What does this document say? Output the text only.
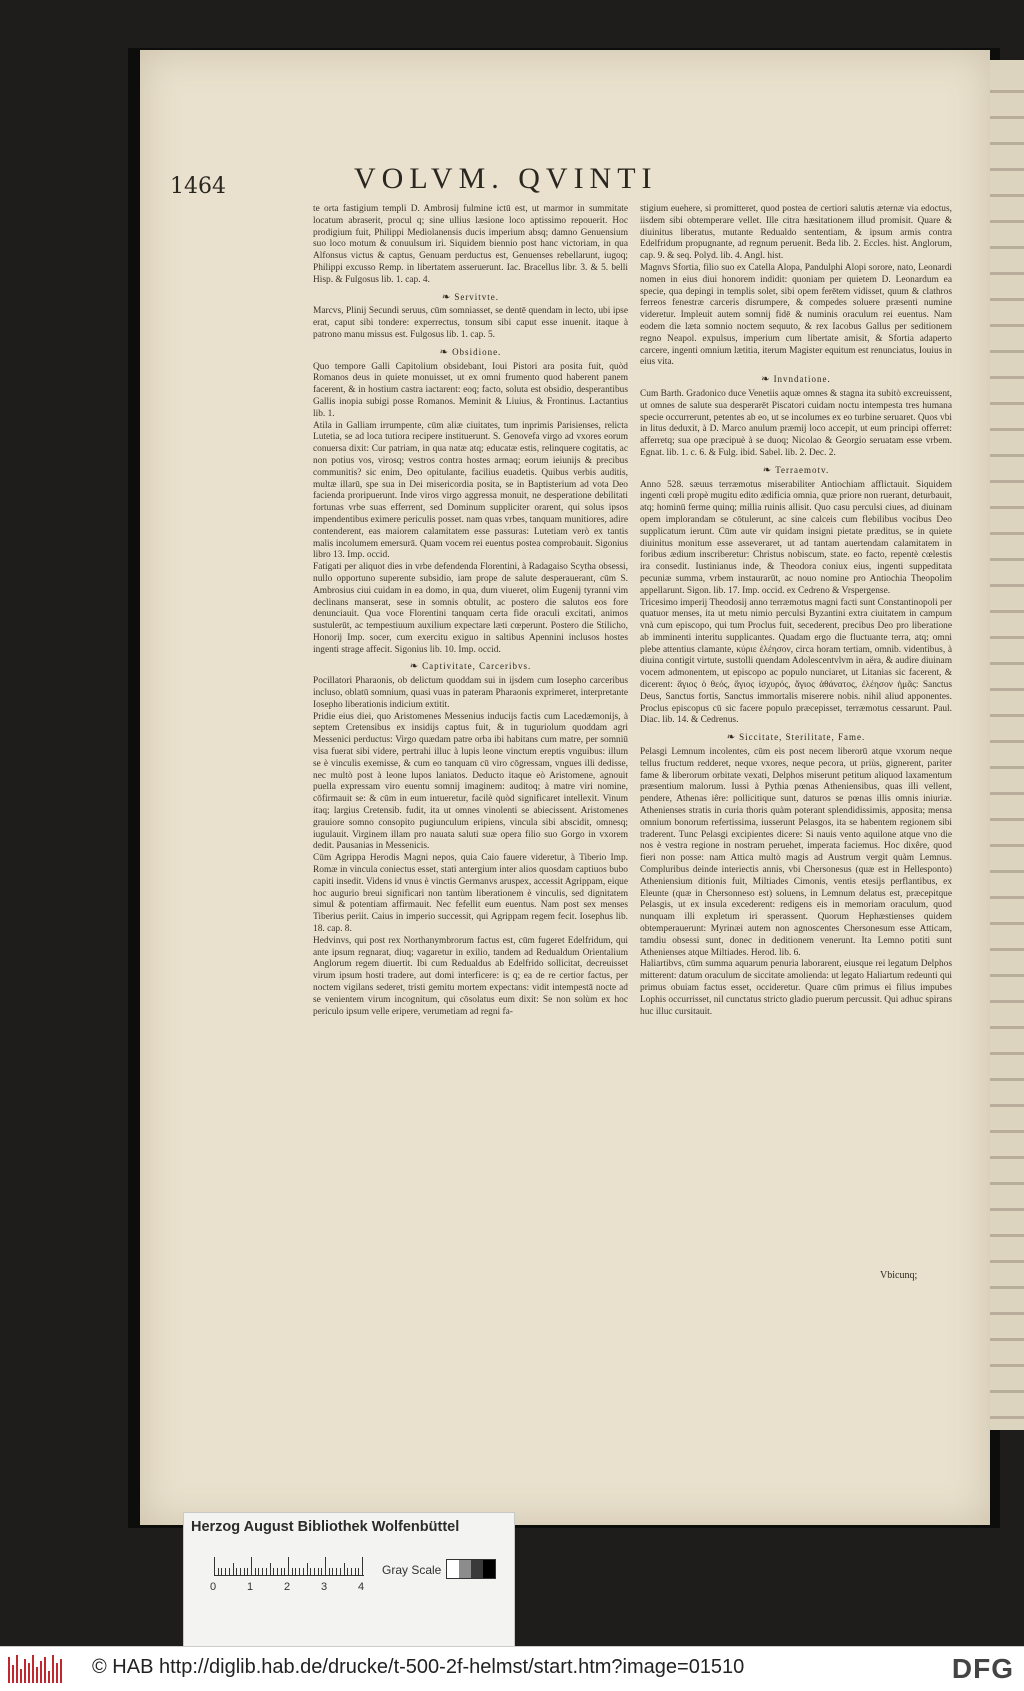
1464	VOLVM. QVINTI

te orta fastigium templi D. Ambrosij fulmine ictū est, ut marmor in summitate locatum abraserit, procul q; sine ullius læsione loco aptissimo repouerit. Hoc prodigium fuit, Philippi Mediolanensis ducis imperium absq; damno Genuensium suo loco motum & conuulsum iri. Siquidem biennio post hanc victoriam, in qua Alfonsus victus & captus, Genuam perductus est, Genuenses rebellarunt, iugoq; Philippi excusso Remp. in libertatem asseruerunt. Iac. Bracellus libr. 3. & 5. belli Hisp. & Fulgosus lib. 1. cap. 4.

❧ Servitvte.

Marcvs, Plinij Secundi seruus, cūm somniasset, se dentē quendam in lecto, ubi ipse erat, caput sibi tondere: experrectus, tonsum sibi caput esse inuenit. itaque à patrono manu missus est. Fulgosus lib. 1. cap. 5.

❧ Obsidione.

Quo tempore Galli Capitolium obsidebant, Ioui Pistori ara posita fuit, quòd Romanos deus in quiete monuisset, ut ex omni frumento quod haberent panem facerent, & in hostium castra iactarent: eoq; facto, soluta est obsidio, desperantibus Gallis inopia subigi posse Romanos. Meminit & Liuius, & Frontinus. Lactantius lib. 1.

Atila in Galliam irrumpente, cūm aliæ ciuitates, tum inprimis Parisienses, relicta Lutetia, se ad loca tutiora recipere instituerunt. S. Genovefa virgo ad vxores eorum conuersa dixit: Cur patriam, in qua natæ atq; educatæ estis, relinquere cogitatis, ac non potius vos, virosq; vestros contra hostes armaq; eorum ieiunijs & precibus communitis? sic enim, Deo opitulante, facilius euadetis. Quibus verbis auditis, multæ illarū, spe sua in Dei misericordia posita, se in Baptisterium ad vota Deo facienda proripuerunt. Inde viros virgo aggressa monuit, ne desperatione debilitati fortunas vrbe suas efferrent, sed Dominum suppliciter orarent, qui solus ipsos impendentibus eximere periculis posset. nam quas vrbes, tanquam munitiores, adire contenderent, eas maiorem calamitatem esse passuras: Lutetiam verò ex tantis malis incolumem emersurā. Quam vocem rei euentus postea comprobauit. Sigonius libro 13. Imp. occid.

Fatigati per aliquot dies in vrbe defendenda Florentini, à Radagaiso Scytha obsessi, nullo opportuno superente subsidio, iam prope de salute desperauerant, cūm S. Ambrosius ciui cuidam in ea domo, in qua, dum viueret, olim Eugenij tyranni vim declinans manserat, sese in somnis obtulit, ac postero die salutos eos fore denunciauit. Qua voce Florentini tanquam certa fide oraculi excitati, animos sustulerūt, ac tempestiuum auxilium expectare læti cœperunt. Postero die Stilicho, Honorij Imp. socer, cum exercitu exiguo in saltibus Apennini inclusos hostes ingenti strage affecit. Sigonius lib. 10. Imp. occid.

❧ Captivitate, Carceribvs.

Pocillatori Pharaonis, ob delictum quoddam sui in ijsdem cum Iosepho carceribus incluso, oblatū somnium, quasi vuas in pateram Pharaonis exprimeret, interpretante Iosepho liberationis indicium extitit.

Pridie eius diei, quo Aristomenes Messenius inducijs factis cum Lacedæmonijs, à septem Cretensibus ex insidijs captus fuit, & in tuguriolum quoddam agri Messenici perductus: Virgo quædam patre orba ibi habitans cum matre, per somniū visa fuerat sibi videre, pertrahi illuc à lupis leone vinctum ereptis vnguibus: illum se è vinculis exemisse, & cum eo tanquam cū viro cōgressam, vngues illi dedisse, nec multò post à leone lupos laniatos. Deducto itaque eò Aristomene, agnouit puella expressam viro euentu somnij imaginem: auditoq; à matre viri nomine, cōfirmauit se: & cūm in eum intueretur, facilè quòd significaret intellexit. Vinum itaq; largius Cretensib. fudit, ita ut omnes vinolenti se abiecissent. Aristomenes grauiore somno consopito pugiunculum eripiens, vincula sibi abscidit, omnesq; iugulauit. Virginem illam pro nauata saluti suæ opera filio suo Gorgo in vxorem dedit. Pausanias in Messenicis.

Cūm Agrippa Herodis Magni nepos, quia Caio fauere videretur, à Tiberio Imp. Romæ in vincula coniectus esset, stati antergium inter alios quosdam captiuos bubo capiti insedit. Videns id vnus è vinctis Germanvs aruspex, accessit Agrippam, eique hoc augurio breui significari non tantùm liberationem è vinculis, sed dignitatem simul & potentiam affirmauit. Nec fefellit eum euentus. Nam post sex menses Tiberius periit. Caius in imperio successit, qui Agrippam regem fecit. Iosephus lib. 18. cap. 8.

Hedvinvs, qui post rex Northanymbrorum factus est, cūm fugeret Edelfridum, qui ante ipsum regnarat, diuq; vagaretur in exilio, tandem ad Redualdum Orientalium Anglorum regem diuertit. Ibi cum Redualdus ab Edelfrido sollicitat, decreuisset virum ipsum hosti tradere, aut domi interficere: is q; ea de re certior factus, per noctem vigilans sederet, tristi gemitu mortem expectans: vidit intempestā nocte ad se venientem virum incognitum, qui cōsolatus eum dixit: Se non solùm ex hoc periculo ipsum velle eripere, verumetiam ad regni fa-

stigium euehere, si promitteret, quod postea de certiori salutis æternæ via edoctus, iisdem sibi obtemperare vellet. Ille citra hæsitationem illud promisit. Quare & diuinitus liberatus, mutante Redualdo sententiam, & ipsum armis contra Edelfridum propugnante, ad regnum peruenit. Beda lib. 2. Eccles. hist. Anglorum, cap. 9. & seq. Polyd. lib. 4. Angl. hist.

Magnvs Sfortia, filio suo ex Catella Alopa, Pandulphi Alopi sorore, nato, Leonardi nomen in eius diui honorem indidit: quoniam per quietem D. Leonardum ea specie, qua depingi in templis solet, sibi opem ferētem vidisset, quum & clathros ferreos fenestræ carceris disrumpere, & compedes soluere præsenti numine videretur. Impleuit autem somnij fidē & numinis oraculum rei euentus. Nam eodem die læta somnio noctem sequuto, & rex Iacobus Gallus per seditionem regno Neapol. expulsus, imperium cum libertate amisit, & Sfortia adaperto carcere, ingenti omnium lætitia, iterum Magister equitum est renunciatus, Iouius in eius vita.

❧ Invndatione.

Cum Barth. Gradonico duce Venetiis aquæ omnes & stagna ita subitò excreuissent, ut omnes de salute sua desperarēt Piscatori cuidam noctu intempesta tres humana specie occurrerunt, petentes ab eo, ut se incolumes ex eo turbine seruaret. Quos vbi in litus deduxit, à D. Marco anulum præmij loco accepit, ut eum principi offerret: afferretq; sua ope præcipuè à se duoq; Nicolao & Georgio seruatam esse vrbem. Egnat. lib. 1. c. 6. & Fulg. ibid. Sabel. lib. 2. Dec. 2.

❧ Terraemotv.

Anno 528. sæuus terræmotus miserabiliter Antiochiam afflictauit. Siquidem ingenti cœli propè mugitu edito ædificia omnia, quæ priore non ruerant, deturbauit, atq; hominū ferme quinq; millia ruinis allisit. Quo casu perculsi ciues, ad diuinam opem implorandam se cōtulerunt, ac sine calceis cum flebilibus vocibus Deo supplicatum ierunt. Cūm aute vir quidam insigni pietate præditus, se in quiete diuinitus monitum esse asseveraret, ut ad tantam auertendam calamitatem in foribus ædium inscriberetur: Christus nobiscum, state. eo facto, repentè cœlestis ira consedit. Iustinianus inde, & Theodora coniux eius, ingenti suppeditata pecuniæ summa, vrbem instaurarūt, ac nouo nomine pro Antiochia Theopolim appellarunt. Sigon. lib. 17. Imp. occid. ex Cedreno & Vrspergense.

Tricesimo imperij Theodosij anno terræmotus magni facti sunt Constantinopoli per quatuor menses, ita ut metu nimio perculsi Byzantini extra ciuitatem in campum vnà cum episcopo, qui tum Proclus fuit, secederent, precibus Deo pro liberatione ab imminenti interitu supplicantes. Quadam ergo die fluctuante terra, atq; omni plebe attentius clamante, κύριε ἐλέησον, circa horam tertiam, omnib. videntibus, à diuina contigit virtute, sustolli quendam Adolescentvlvm in aëra, & audire diuinam vocem admonentem, ut episcopo ac populo nunciaret, ut Litanias sic facerent, & dicerent: ἅγιος ὁ θεός, ἅγιος ἰσχυρός, ἅγιος ἀθάνατος, ἐλέησον ἡμᾶς: Sanctus Deus, Sanctus fortis, Sanctus immortalis miserere nobis. nihil aliud apponentes. Proclus episcopus cū sic facere populo præcepisset, terræmotus cessarunt. Paul. Diac. lib. 14. & Cedrenus.

❧ Siccitate, Sterilitate, Fame.

Pelasgi Lemnum incolentes, cūm eis post necem liberorū atque vxorum neque tellus fructum redderet, neque vxores, neque pecora, ut priùs, gignerent, pariter fame & liberorum orbitate vexati, Delphos miserunt petitum aliquod laxamentum præsentium malorum. Iussi à Pythia pœnas Atheniensibus, quas illi vellent, pendere, Athenas iêre: pollicitique sunt, daturos se pœnas illis omnis iniuriæ. Athenienses stratis in curia thoris quàm poterant splendidissimis, apposita; mensa omnium bonorum refertissima, iusserunt Pelasgos, ita se habentem regionem sibi traderent. Tunc Pelasgi excipientes dicere: Si nauis vento aquilone atque vno die nos è vestra regione in nostram peruehet, imperata faciemus. Hoc dixêre, quod fieri non posse: nam Attica multò magis ad Austrum vergit quàm Lemnus. Compluribus deinde interiectis annis, vbi Chersonesus (quæ est in Hellesponto) Atheniensium ditionis fuit, Miltiades Cimonis, ventis etesijs perflantibus, ex Eleunte (quæ in Chersonneso est) soluens, in Lemnum delatus est, præcepitque Pelasgis, ut ex insula excederent: redigens eis in memoriam oraculum, quod nunquam illi expletum iri sperassent. Quorum Hephæstienses quidem obtemperauerunt: Myrinæi autem non agnoscentes Chersonesum esse Atticam, tamdiu obsessi sunt, donec in deditionem venerunt. Ita Lemno potiti sunt Athenienses atque Miltiades. Herod. lib. 6.

Haliartibvs, cūm summa aquarum penuria laborarent, eiusque rei legatum Delphos mitterent: datum oraculum de siccitate amolienda: ut legato Haliartum redeunti qui primus obuiam factus esset, occideretur. Quare cūm primus ei filius impubes Lophis occurrisset, nil cunctatus stricto gladio puerum percussit. Qui adhuc spirans huc illuc cursitauit.

Vbicunq;
Herzog August Bibliothek Wolfenbüttel
0	1	2	3	4
Gray Scale
© HAB http://diglib.hab.de/drucke/t-500-2f-helmst/start.htm?image=01510	DFG
